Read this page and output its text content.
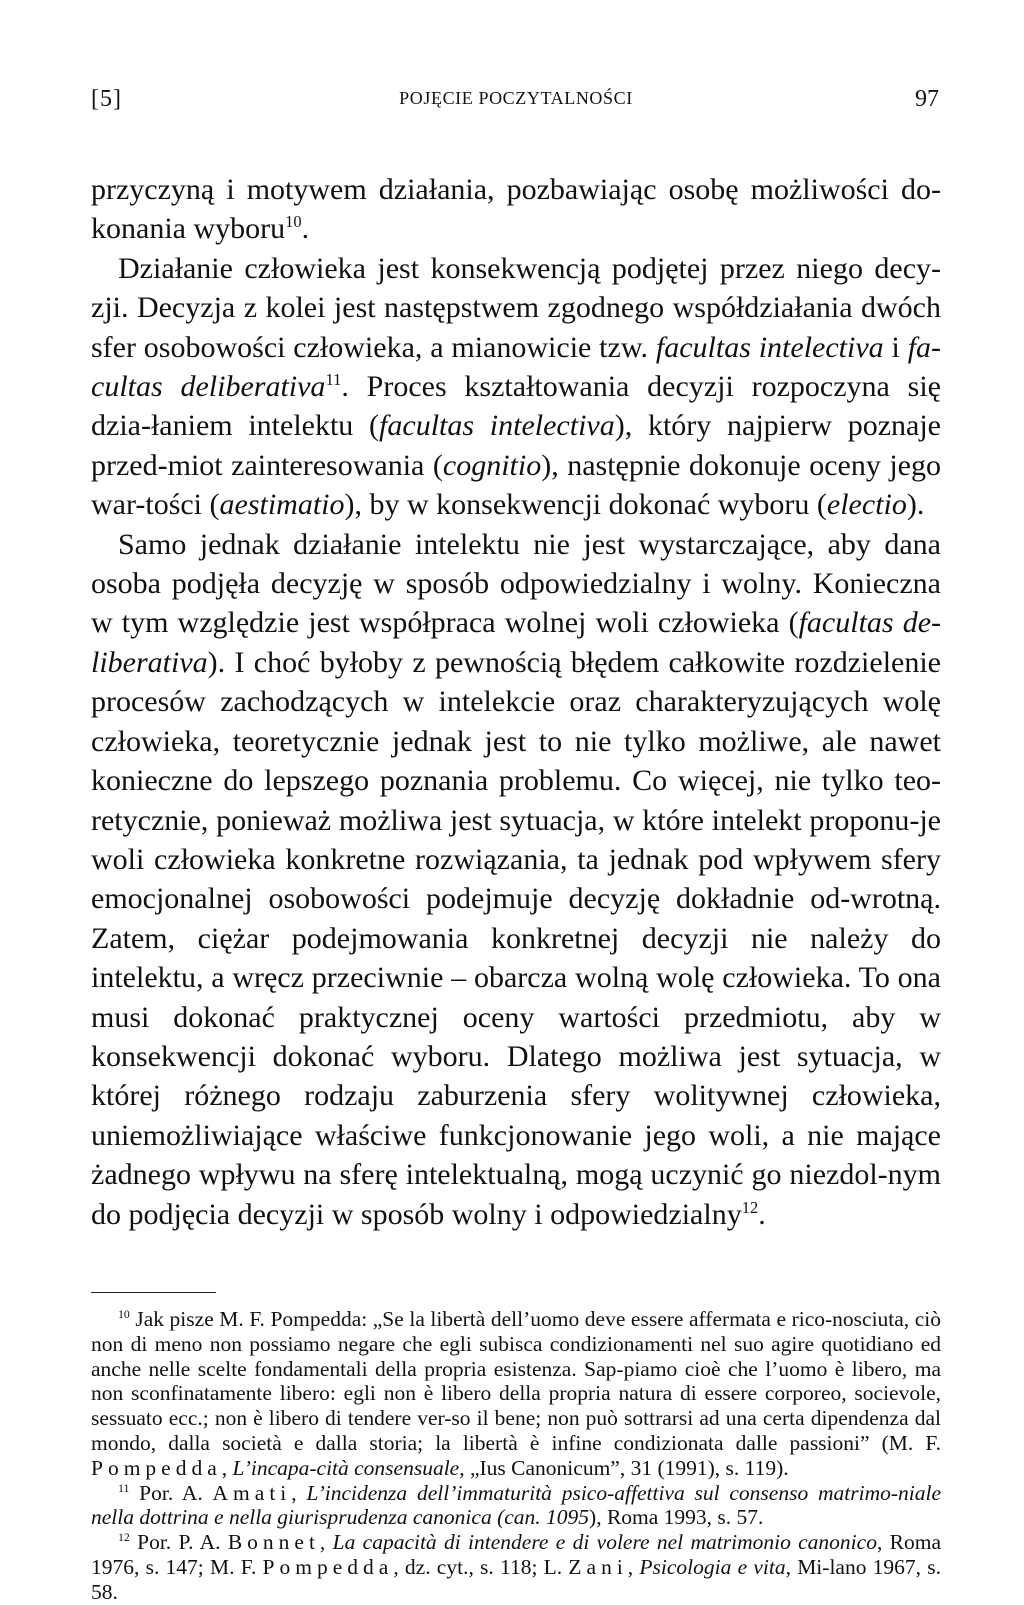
[5]	POJĘCIE POCZYTALNOŚCI	97

przyczyną i motywem działania, pozbawiając osobę możliwości do-konania wyboru$^{10}$.

Działanie człowieka jest konsekwencją podjętej przez niego decy-zji. Decyzja z kolei jest następstwem zgodnego współdziałania dwóch sfer osobowości człowieka, a mianowicie tzw. facultas intelectiva i fa-cultas deliberativa$^{11}$. Proces kształtowania decyzji rozpoczyna się dzia-łaniem intelektu (facultas intelectiva), który najpierw poznaje przed-miot zainteresowania (cognitio), następnie dokonuje oceny jego war-tości (aestimatio), by w konsekwencji dokonać wyboru (electio).

Samo jednak działanie intelektu nie jest wystarczające, aby dana osoba podjęła decyzję w sposób odpowiedzialny i wolny. Konieczna w tym względzie jest współpraca wolnej woli człowieka (facultas de-liberativa). I choć byłoby z pewnością błędem całkowite rozdzielenie procesów zachodzących w intelekcie oraz charakteryzujących wolę człowieka, teoretycznie jednak jest to nie tylko możliwe, ale nawet konieczne do lepszego poznania problemu. Co więcej, nie tylko teo-retycznie, ponieważ możliwa jest sytuacja, w które intelekt proponu-je woli człowieka konkretne rozwiązania, ta jednak pod wpływem sfery emocjonalnej osobowości podejmuje decyzję dokładnie od-wrotną. Zatem, ciężar podejmowania konkretnej decyzji nie należy do intelektu, a wręcz przeciwnie – obarcza wolną wolę człowieka. To ona musi dokonać praktycznej oceny wartości przedmiotu, aby w konsekwencji dokonać wyboru. Dlatego możliwa jest sytuacja, w której różnego rodzaju zaburzenia sfery wolitywnej człowieka, uniemożliwiające właściwe funkcjonowanie jego woli, a nie mające żadnego wpływu na sferę intelektualną, mogą uczynić go niezdol-nym do podjęcia decyzji w sposób wolny i odpowiedzialny$^{12}$.

$^{10}$ Jak pisze M. F. Pompedda: „Se la libertà dell’uomo deve essere affermata e rico-nosciuta, ciò non di meno non possiamo negare che egli subisca condizionamenti nel suo agire quotidiano ed anche nelle scelte fondamentali della propria esistenza. Sap-piamo cioè che l’uomo è libero, ma non sconfinatamente libero: egli non è libero della propria natura di essere corporeo, socievole, sessuato ecc.; non è libero di tendere ver-so il bene; non può sottrarsi ad una certa dipendenza dal mondo, dalla società e dalla storia; la libertà è infine condizionata dalle passioni” (M. F. Pompedda, L’incapa-cità consensuale, „Ius Canonicum”, 31 (1991), s. 119).

$^{11}$ Por. A. Amati, L’incidenza dell’immaturità psico-affettiva sul consenso matrimo-niale nella dottrina e nella giurisprudenza canonica (can. 1095), Roma 1993, s. 57.

$^{12}$ Por. P. A. Bonnet, La capacità di intendere e di volere nel matrimonio canonico, Roma 1976, s. 147; M. F. Pompedda, dz. cyt., s. 118; L. Zani, Psicologia e vita, Mi-lano 1967, s. 58.
